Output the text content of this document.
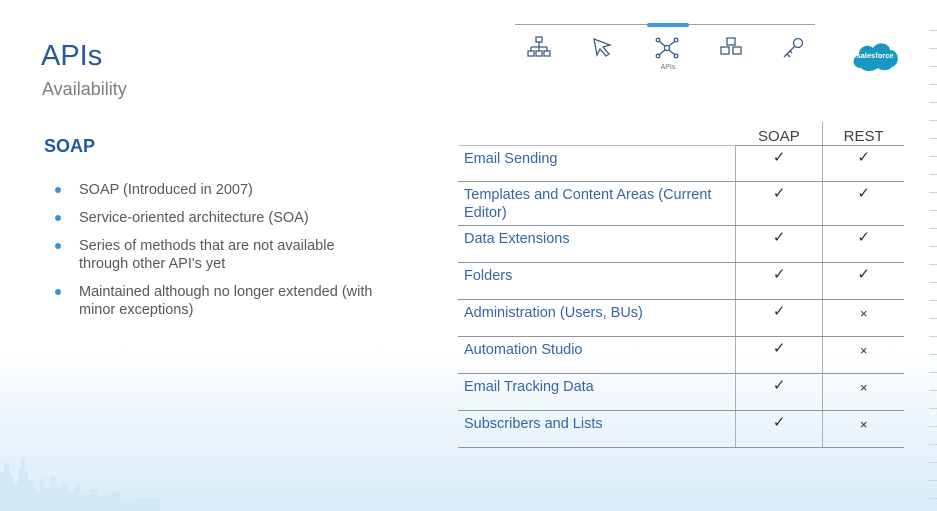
APIs

Availability

SOAP
SOAP (Introduced in 2007)
Service-oriented architecture (SOA)
Series of methods that are not available through other API's yet
Maintained although no longer extended (with minor exceptions)
APIs
salesforce
	SOAP	REST
Email Sending	✓	✓
Templates and Content Areas (Current Editor)	✓	✓
Data Extensions	✓	✓
Folders	✓	✓
Administration (Users, BUs)	✓	×
Automation Studio	✓	×
Email Tracking Data	✓	×
Subscribers and Lists	✓	×
